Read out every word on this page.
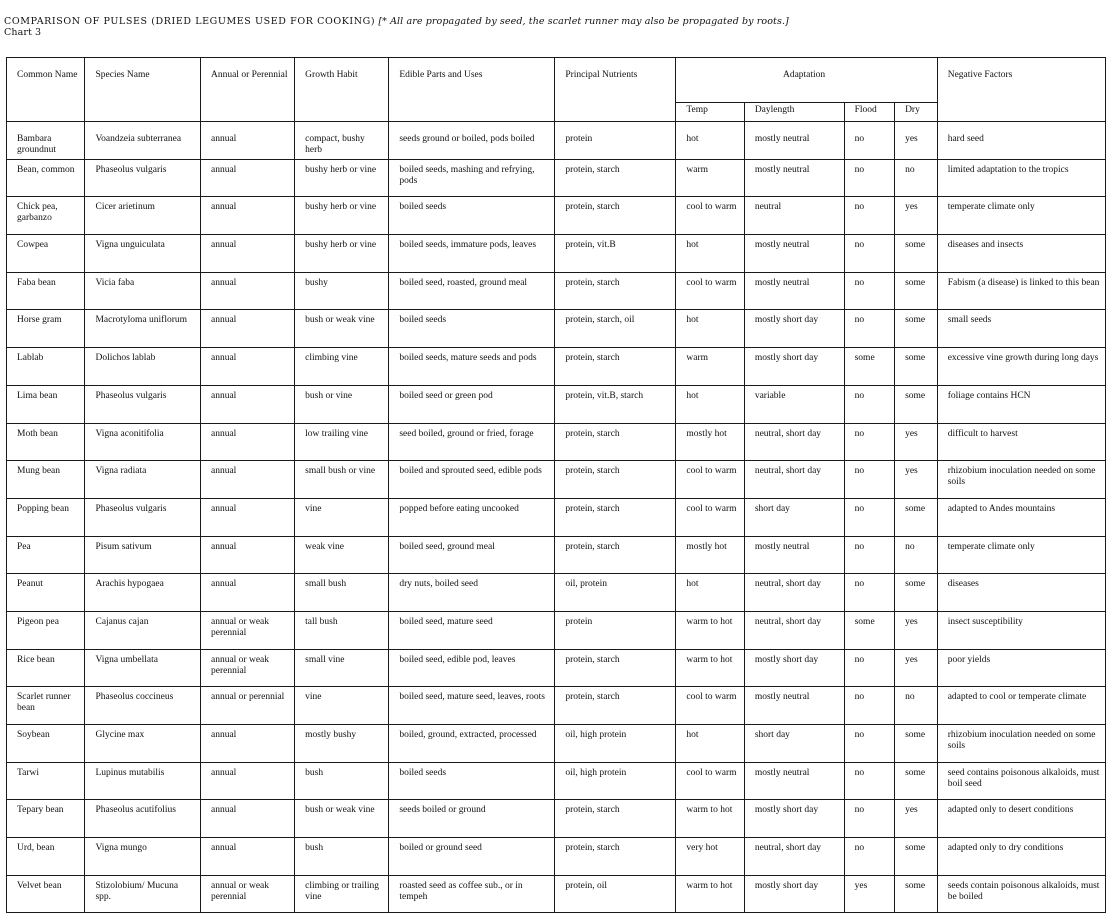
COMPARISON OF PULSES (DRIED LEGUMES USED FOR COOKING) [* All are propagated by seed, the scarlet runner may also be propagated by roots.]
Chart 3
Common Name	Species Name	Annual or Perennial	Growth Habit	Edible Parts and Uses	Principal Nutrients	Adaptation				Negative Factors
						Temp	Daylength	Flood	Dry	
Bambara groundnut	Voandzeia subterranea	annual	compact, bushy herb	seeds ground or boiled, pods boiled	protein	hot	mostly neutral	no	yes	hard seed
Bean, common	Phaseolus vulgaris	annual	bushy herb or vine	boiled seeds, mashing and refrying, pods	protein, starch	warm	mostly neutral	no	no	limited adaptation to the tropics
Chick pea, garbanzo	Cicer arietinum	annual	bushy herb or vine	boiled seeds	protein, starch	cool to warm	neutral	no	yes	temperate climate only
Cowpea	Vigna unguiculata	annual	bushy herb or vine	boiled seeds, immature pods, leaves	protein, vit.B	hot	mostly neutral	no	some	diseases and insects
Faba bean	Vicia faba	annual	bushy	boiled seed, roasted, ground meal	protein, starch	cool to warm	mostly neutral	no	some	Fabism (a disease) is linked to this bean
Horse gram	Macrotyloma uniflorum	annual	bush or weak vine	boiled seeds	protein, starch, oil	hot	mostly short day	no	some	small seeds
Lablab	Dolichos lablab	annual	climbing vine	boiled seeds, mature seeds and pods	protein, starch	warm	mostly short day	some	some	excessive vine growth during long days
Lima bean	Phaseolus vulgaris	annual	bush or vine	boiled seed or green pod	protein, vit.B, starch	hot	variable	no	some	foliage contains HCN
Moth bean	Vigna aconitifolia	annual	low trailing vine	seed boiled, ground or fried, forage	protein, starch	mostly hot	neutral, short day	no	yes	difficult to harvest
Mung bean	Vigna radiata	annual	small bush or vine	boiled and sprouted seed, edible pods	protein, starch	cool to warm	neutral, short day	no	yes	rhizobium inoculation needed on some soils
Popping bean	Phaseolus vulgaris	annual	vine	popped before eating uncooked	protein, starch	cool to warm	short day	no	some	adapted to Andes mountains
Pea	Pisum sativum	annual	weak vine	boiled seed, ground meal	protein, starch	mostly hot	mostly neutral	no	no	temperate climate only
Peanut	Arachis hypogaea	annual	small bush	dry nuts, boiled seed	oil, protein	hot	neutral, short day	no	some	diseases
Pigeon pea	Cajanus cajan	annual or weak perennial	tall bush	boiled seed, mature seed	protein	warm to hot	neutral, short day	some	yes	insect susceptibility
Rice bean	Vigna umbellata	annual or weak perennial	small vine	boiled seed, edible pod, leaves	protein, starch	warm to hot	mostly short day	no	yes	poor yields
Scarlet runner bean	Phaseolus coccineus	annual or perennial	vine	boiled seed, mature seed, leaves, roots	protein, starch	cool to warm	mostly neutral	no	no	adapted to cool or temperate climate
Soybean	Glycine max	annual	mostly bushy	boiled, ground, extracted, processed	oil, high protein	hot	short day	no	some	rhizobium inoculation needed on some soils
Tarwi	Lupinus mutabilis	annual	bush	boiled seeds	oil, high protein	cool to warm	mostly neutral	no	some	seed contains poisonous alkaloids, must boil seed
Tepary bean	Phaseolus acutifolius	annual	bush or weak vine	seeds boiled or ground	protein, starch	warm to hot	mostly short day	no	yes	adapted only to desert conditions
Urd, bean	Vigna mungo	annual	bush	boiled or ground seed	protein, starch	very hot	neutral, short day	no	some	adapted only to dry conditions
Velvet bean	Stizolobium/ Mucuna spp.	annual or weak perennial	climbing or trailing vine	roasted seed as coffee sub., or in tempeh	protein, oil	warm to hot	mostly short day	yes	some	seeds contain poisonous alkaloids, must be boiled
